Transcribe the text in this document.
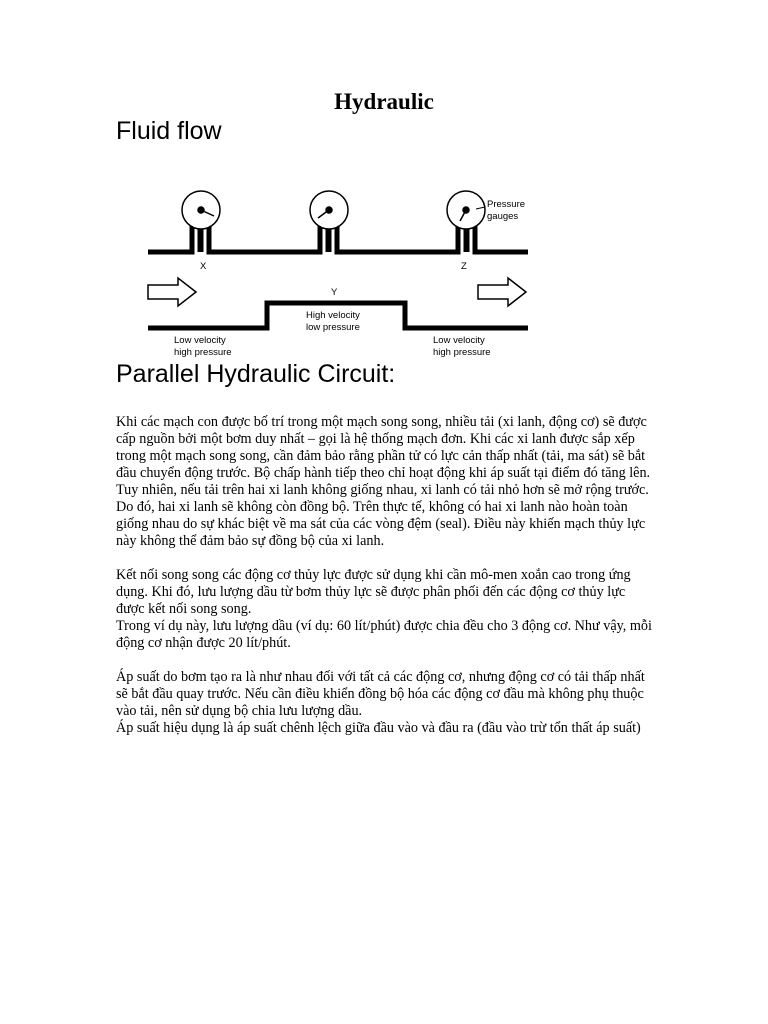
Hydraulic
Fluid flow
Pressure
gauges
X
Y
Z
Low velocity
high pressure
High velocity
low pressure
Low velocity
high pressure
Parallel Hydraulic Circuit:

Khi các mạch con được bố trí trong một mạch song song, nhiều tải (xi lanh, động cơ) sẽ được cấp nguồn bởi một bơm duy nhất – gọi là hệ thống mạch đơn. Khi các xi lanh được sắp xếp trong một mạch song song, cần đảm bảo rằng phần tử có lực cản thấp nhất (tải, ma sát) sẽ bắt đầu chuyển động trước. Bộ chấp hành tiếp theo chỉ hoạt động khi áp suất tại điểm đó tăng lên.

Tuy nhiên, nếu tải trên hai xi lanh không giống nhau, xi lanh có tải nhỏ hơn sẽ mở rộng trước. Do đó, hai xi lanh sẽ không còn đồng bộ. Trên thực tế, không có hai xi lanh nào hoàn toàn giống nhau do sự khác biệt về ma sát của các vòng đệm (seal). Điều này khiến mạch thủy lực này không thể đảm bảo sự đồng bộ của xi lanh.

Kết nối song song các động cơ thủy lực được sử dụng khi cần mô-men xoắn cao trong ứng dụng. Khi đó, lưu lượng dầu từ bơm thủy lực sẽ được phân phối đến các động cơ thủy lực được kết nối song song.

Trong ví dụ này, lưu lượng dầu (ví dụ: 60 lít/phút) được chia đều cho 3 động cơ. Như vậy, mỗi động cơ nhận được 20 lít/phút.

Áp suất do bơm tạo ra là như nhau đối với tất cả các động cơ, nhưng động cơ có tải thấp nhất sẽ bắt đầu quay trước. Nếu cần điều khiển đồng bộ hóa các động cơ đầu mà không phụ thuộc vào tải, nên sử dụng bộ chia lưu lượng dầu.

Áp suất hiệu dụng là áp suất chênh lệch giữa đầu vào và đầu ra (đầu vào trừ tổn thất áp suất)
